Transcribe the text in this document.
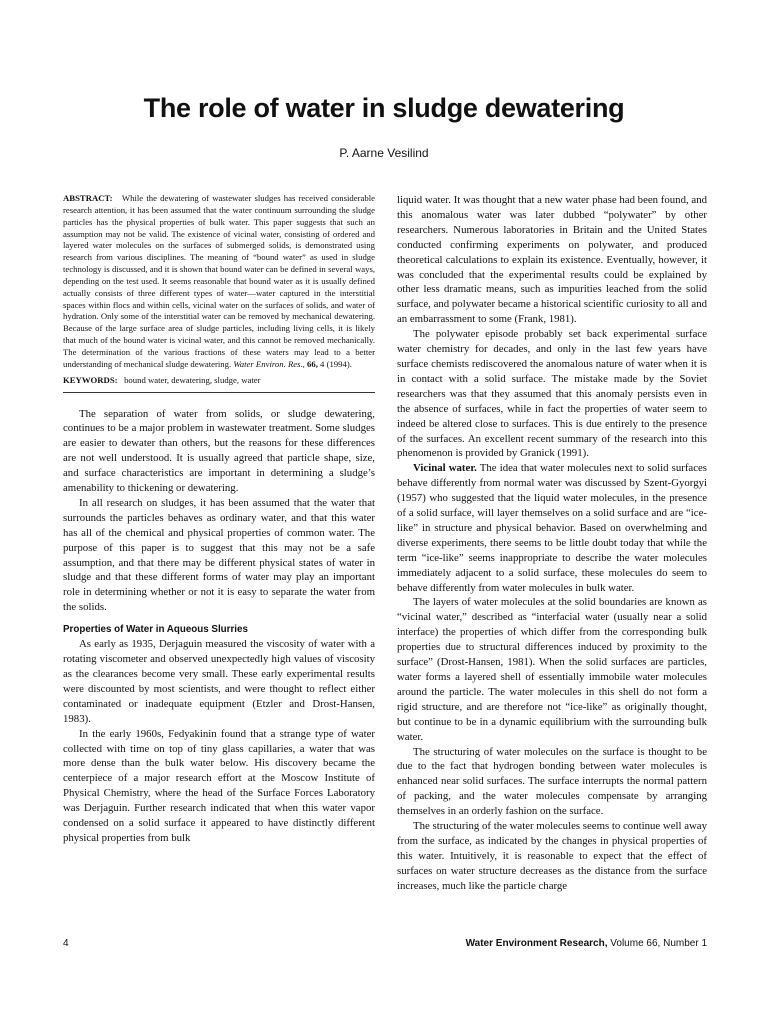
The role of water in sludge dewatering
P. Aarne Vesilind

ABSTRACT: While the dewatering of wastewater sludges has received considerable research attention, it has been assumed that the water continuum surrounding the sludge particles has the physical properties of bulk water. This paper suggests that such an assumption may not be valid. The existence of vicinal water, consisting of ordered and layered water molecules on the surfaces of submerged solids, is demonstrated using research from various disciplines. The meaning of “bound water” as used in sludge technology is discussed, and it is shown that bound water can be defined in several ways, depending on the test used. It seems reasonable that bound water as it is usually defined actually consists of three different types of water—water captured in the interstitial spaces within flocs and within cells, vicinal water on the surfaces of solids, and water of hydration. Only some of the interstitial water can be removed by mechanical dewatering. Because of the large surface area of sludge particles, including living cells, it is likely that much of the bound water is vicinal water, and this cannot be removed mechanically. The determination of the various fractions of these waters may lead to a better understanding of mechanical sludge dewatering. Water Environ. Res., 66, 4 (1994).

KEYWORDS: bound water, dewatering, sludge, water

The separation of water from solids, or sludge dewatering, continues to be a major problem in wastewater treatment. Some sludges are easier to dewater than others, but the reasons for these differences are not well understood. It is usually agreed that particle shape, size, and surface characteristics are important in determining a sludge’s amenability to thickening or dewatering.

In all research on sludges, it has been assumed that the water that surrounds the particles behaves as ordinary water, and that this water has all of the chemical and physical properties of common water. The purpose of this paper is to suggest that this may not be a safe assumption, and that there may be different physical states of water in sludge and that these different forms of water may play an important role in determining whether or not it is easy to separate the water from the solids.

Properties of Water in Aqueous Slurries

As early as 1935, Derjaguin measured the viscosity of water with a rotating viscometer and observed unexpectedly high values of viscosity as the clearances become very small. These early experimental results were discounted by most scientists, and were thought to reflect either contaminated or inadequate equipment (Etzler and Drost-Hansen, 1983).

In the early 1960s, Fedyakinin found that a strange type of water collected with time on top of tiny glass capillaries, a water that was more dense than the bulk water below. His discovery became the centerpiece of a major research effort at the Moscow Institute of Physical Chemistry, where the head of the Surface Forces Laboratory was Derjaguin. Further research indicated that when this water vapor condensed on a solid surface it appeared to have distinctly different physical properties from bulk

liquid water. It was thought that a new water phase had been found, and this anomalous water was later dubbed “polywater” by other researchers. Numerous laboratories in Britain and the United States conducted confirming experiments on polywater, and produced theoretical calculations to explain its existence. Eventually, however, it was concluded that the experimental results could be explained by other less dramatic means, such as impurities leached from the solid surface, and polywater became a historical scientific curiosity to all and an embarrassment to some (Frank, 1981).

The polywater episode probably set back experimental surface water chemistry for decades, and only in the last few years have surface chemists rediscovered the anomalous nature of water when it is in contact with a solid surface. The mistake made by the Soviet researchers was that they assumed that this anomaly persists even in the absence of surfaces, while in fact the properties of water seem to indeed be altered close to surfaces. This is due entirely to the presence of the surfaces. An excellent recent summary of the research into this phenomenon is provided by Granick (1991).

Vicinal water. The idea that water molecules next to solid surfaces behave differently from normal water was discussed by Szent-Gyorgyi (1957) who suggested that the liquid water molecules, in the presence of a solid surface, will layer themselves on a solid surface and are “ice-like” in structure and physical behavior. Based on overwhelming and diverse experiments, there seems to be little doubt today that while the term “ice-like” seems inappropriate to describe the water molecules immediately adjacent to a solid surface, these molecules do seem to behave differently from water molecules in bulk water.

The layers of water molecules at the solid boundaries are known as “vicinal water,” described as “interfacial water (usually near a solid interface) the properties of which differ from the corresponding bulk properties due to structural differences induced by proximity to the surface” (Drost-Hansen, 1981). When the solid surfaces are particles, water forms a layered shell of essentially immobile water molecules around the particle. The water molecules in this shell do not form a rigid structure, and are therefore not “ice-like” as originally thought, but continue to be in a dynamic equilibrium with the surrounding bulk water.

The structuring of water molecules on the surface is thought to be due to the fact that hydrogen bonding between water molecules is enhanced near solid surfaces. The surface interrupts the normal pattern of packing, and the water molecules compensate by arranging themselves in an orderly fashion on the surface.

The structuring of the water molecules seems to continue well away from the surface, as indicated by the changes in physical properties of this water. Intuitively, it is reasonable to expect that the effect of surfaces on water structure decreases as the distance from the surface increases, much like the particle charge

4	Water Environment Research, Volume 66, Number 1
